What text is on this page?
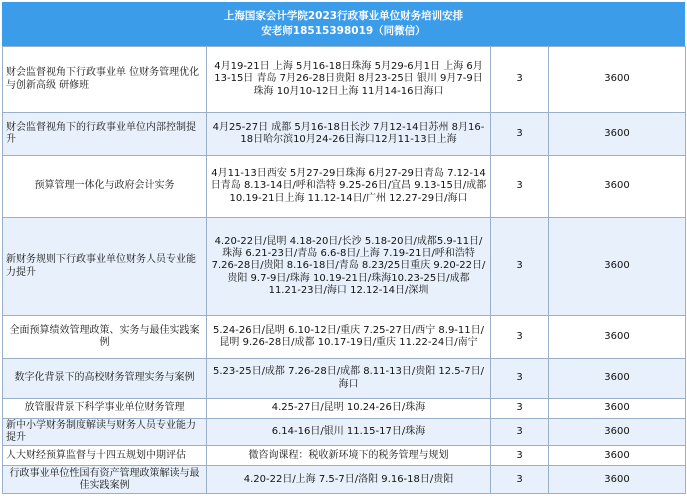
上海国家会计学院2023行政事业单位财务培训安排
安老师18515398019（同微信）
财会监督视角下行政事业单 位财务管理优化与创新高级 研修班	4月19-21日 上海 5月16-18日珠海 5月29-6月1日 上海 6月13-15日 青岛 7月26-28日贵阳 8月23-25日 银川 9月7-9日珠海 10月10-12日上海 11月14-16日海口	3	3600
财会监督视角下的行政事业单位内部控制提升	4月25-27日 成都 5月16-18日长沙 7月12-14日苏州 8月16-18日哈尔滨10月24-26日海口12月11-13日上海	3	3600
预算管理一体化与政府会计实务	4月11-13日西安 5月27-29日珠海 6月27-29日青岛 7.12-14日青岛 8.13-14日/呼和浩特 9.25-26日/宜昌 9.13-15日/成都 10.19-21日上海 11.12-14日/广州 12.27-29日/海口	3	3600
新财务规则下行政事业单位财务人员专业能力提升	4.20-22日/昆明 4.18-20日/长沙 5.18-20日/成都5.9-11日/珠海 6.21-23日/青岛 6.6-8日/上海 7.19-21日/呼和浩特7.26-28日/贵阳 8.16-18日/青岛 8.23/25日重庆 9.20-22日/贵阳 9.7-9日/珠海 10.19-21日/珠海10.23-25日/成都 11.21-23日/海口 12.12-14日/深圳	3	3600
全面预算绩效管理政策、实务与最佳实践案例	5.24-26日/昆明 6.10-12日/重庆 7.25-27日/西宁 8.9-11日/昆明 9.26-28日/成都 10.17-19日/重庆 11.22-24日/南宁	3	3600
数字化背景下的高校财务管理实务与案例	5.23-25日/成都 7.26-28日/成都 8.11-13日/贵阳 12.5-7日/海口	3	3600
放管服背景下科学事业单位财务管理	4.25-27日/昆明 10.24-26日/珠海	3	3600
新中小学财务制度解读与财务人员专业能力提升	6.14-16日/银川 11.15-17日/珠海	3	3600
人大财经预算监督与十四五规划中期评估	微咨询课程：税收新环境下的税务管理与规划	3	3600
行政事业单位性国有资产管理政策解读与最佳实践案例	4.20-22日/上海 7.5-7日/洛阳 9.16-18日/贵阳	3	3600
